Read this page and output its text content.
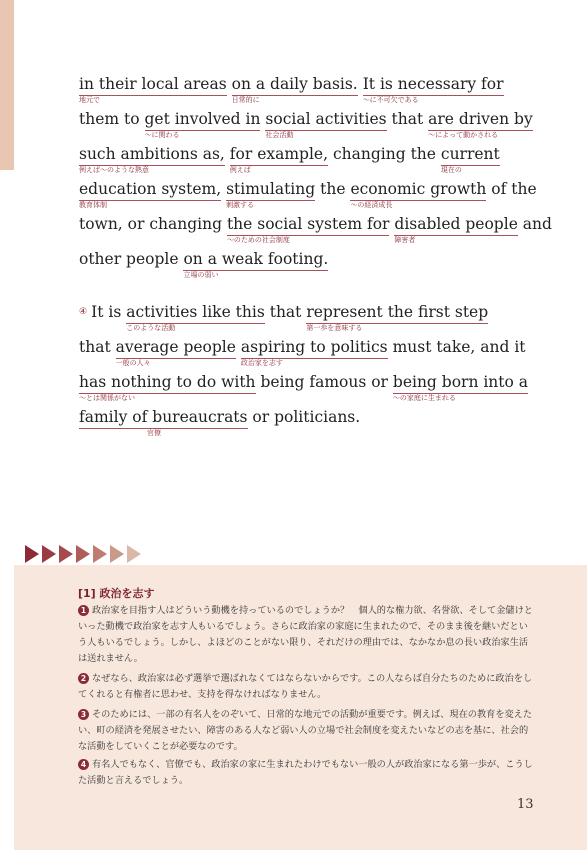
in their local areas
地元で
on a daily basis.
日常的に
It is necessary for
～に不可欠である
them to get involved in
～に関わる
social activities
社会活動
that are driven by
～によって動かされる
such ambitions as,
例えば～のような熱意
for example,
例えば
changing the current
現在の
education system,
教育体制
stimulating
刺激する
the economic growth
～の経済成長
of the
town, or changing the social system for
～のための社会制度
disabled people
障害者
and
other people on a weak footing.
立場の弱い
④ It is activities like this
このような活動
that represent the first step
第一歩を意味する
that average people
一般の人々
aspiring to politics
政治家を志す
must take, and it
has nothing to do with
～とは関係がない
being famous or being born into a
～の家庭に生まれる
family of bureaucrats
官僚
or politicians.
[1] 政治を志す
1 政治家を目指す人はどういう動機を持っているのでしょうか？　個人的な権力欲、名誉欲、そして金儲けといった動機で政治家を志す人もいるでしょう。さらに政治家の家庭に生まれたので、そのまま後を継いだという人もいるでしょう。しかし、よほどのことがない限り、それだけの理由では、なかなか息の長い政治家生活は送れません。
2 なぜなら、政治家は必ず選挙で選ばれなくてはならないからです。この人ならば自分たちのために政治をしてくれると有権者に思わせ、支持を得なければなりません。
3 そのためには、一部の有名人をのぞいて、日常的な地元での活動が重要です。例えば、現在の教育を変えたい、町の経済を発展させたい、障害のある人など弱い人の立場で社会制度を変えたいなどの志を基に、社会的な活動をしていくことが必要なのです。
4 有名人でもなく、官僚でも、政治家の家に生まれたわけでもない一般の人が政治家になる第一歩が、こうした活動と言えるでしょう。
13
